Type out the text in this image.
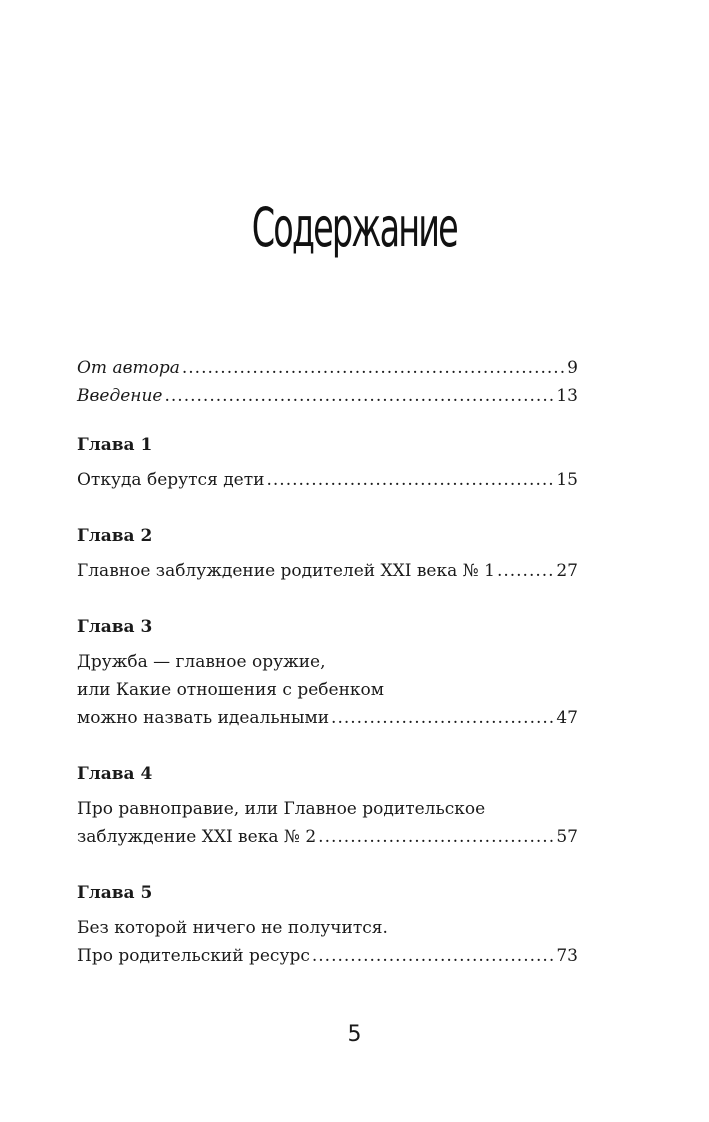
Содержание
От автора .....	9
Введение .....	13
Глава 1
Откуда берутся дети .....	15
Глава 2
Главное заблуждение родителей XXI века № 1 .....	27
Глава 3
Дружба — главное оружие,
или Какие отношения с ребенком
можно назвать идеальными .....	47
Глава 4
Про равноправие, или Главное родительское
заблуждение XXI века № 2 .....	57
Глава 5
Без которой ничего не получится.
Про родительский ресурс .....	73
5
